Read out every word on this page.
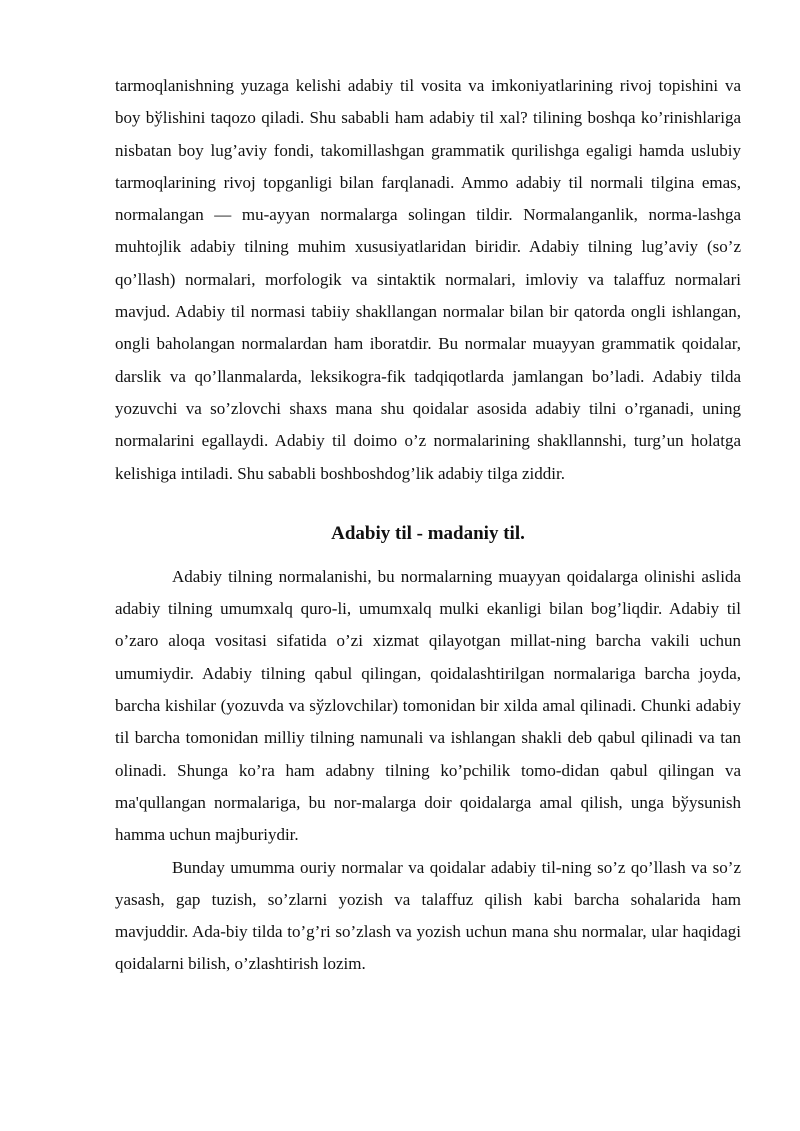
tarmoqlanishning yuzaga kelishi adabiy til vosita va imkoniyatlarining rivoj topishini va boy bўlishini taqozo qiladi. Shu sababli ham adabiy til xal? tilining boshqa ko’rinishlariga nisbatan boy lug’aviy fondi, takomillashgan grammatik qurilishga egaligi hamda uslubiy tarmoqlarining rivoj topganligi bilan farqlanadi. Ammo adabiy til normali tilgina emas, normalangan — mu-ayyan normalarga solingan tildir. Normalanganlik, norma-lashga muhtojlik adabiy tilning muhim xususiyatlaridan biridir. Adabiy tilning lug’aviy (so’z qo’llash) normalari, morfologik va sintaktik normalari, imloviy va talaffuz normalari mavjud. Adabiy til normasi tabiiy shakllangan normalar bilan bir qatorda ongli ishlangan, ongli baholangan normalardan ham iboratdir. Bu normalar muayyan grammatik qoidalar, darslik va qo’llanmalarda, leksikogra-fik tadqiqotlarda jamlangan bo’ladi. Adabiy tilda yozuvchi va so’zlovchi shaxs mana shu qoidalar asosida adabiy tilni o’rganadi, uning normalarini egallaydi. Adabiy til doimo o’z normalarining shakllannshi, turg’un holatga kelishiga intiladi. Shu sababli boshboshdog’lik adabiy tilga ziddir.

Adabiy til - madaniy til.

Adabiy tilning normalanishi, bu normalarning muayyan qoidalarga olinishi aslida adabiy tilning umumxalq quro-li, umumxalq mulki ekanligi bilan bog’liqdir. Adabiy til o’zaro aloqa vositasi sifatida o’zi xizmat qilayotgan millat-ning barcha vakili uchun umumiydir. Adabiy tilning qabul qilingan, qoidalashtirilgan normalariga barcha joyda, barcha kishilar (yozuvda va sўzlovchilar) tomonidan bir xilda amal qilinadi. Chunki adabiy til barcha tomonidan milliy tilning namunali va ishlangan shakli deb qabul qilinadi va tan olinadi. Shunga ko’ra ham adabny tilning ko’pchilik tomo-didan qabul qilingan va ma'qullangan normalariga, bu nor-malarga doir qoidalarga amal qilish, unga bўysunish hamma uchun majburiydir.

Bunday umumma ouriy normalar va qoidalar adabiy til-ning so’z qo’llash va so’z yasash, gap tuzish, so’zlarni yozish va talaffuz qilish kabi barcha sohalarida ham mavjuddir. Ada-biy tilda to’g’ri so’zlash va yozish uchun mana shu normalar, ular haqidagi qoidalarni bilish, o’zlashtirish lozim.
